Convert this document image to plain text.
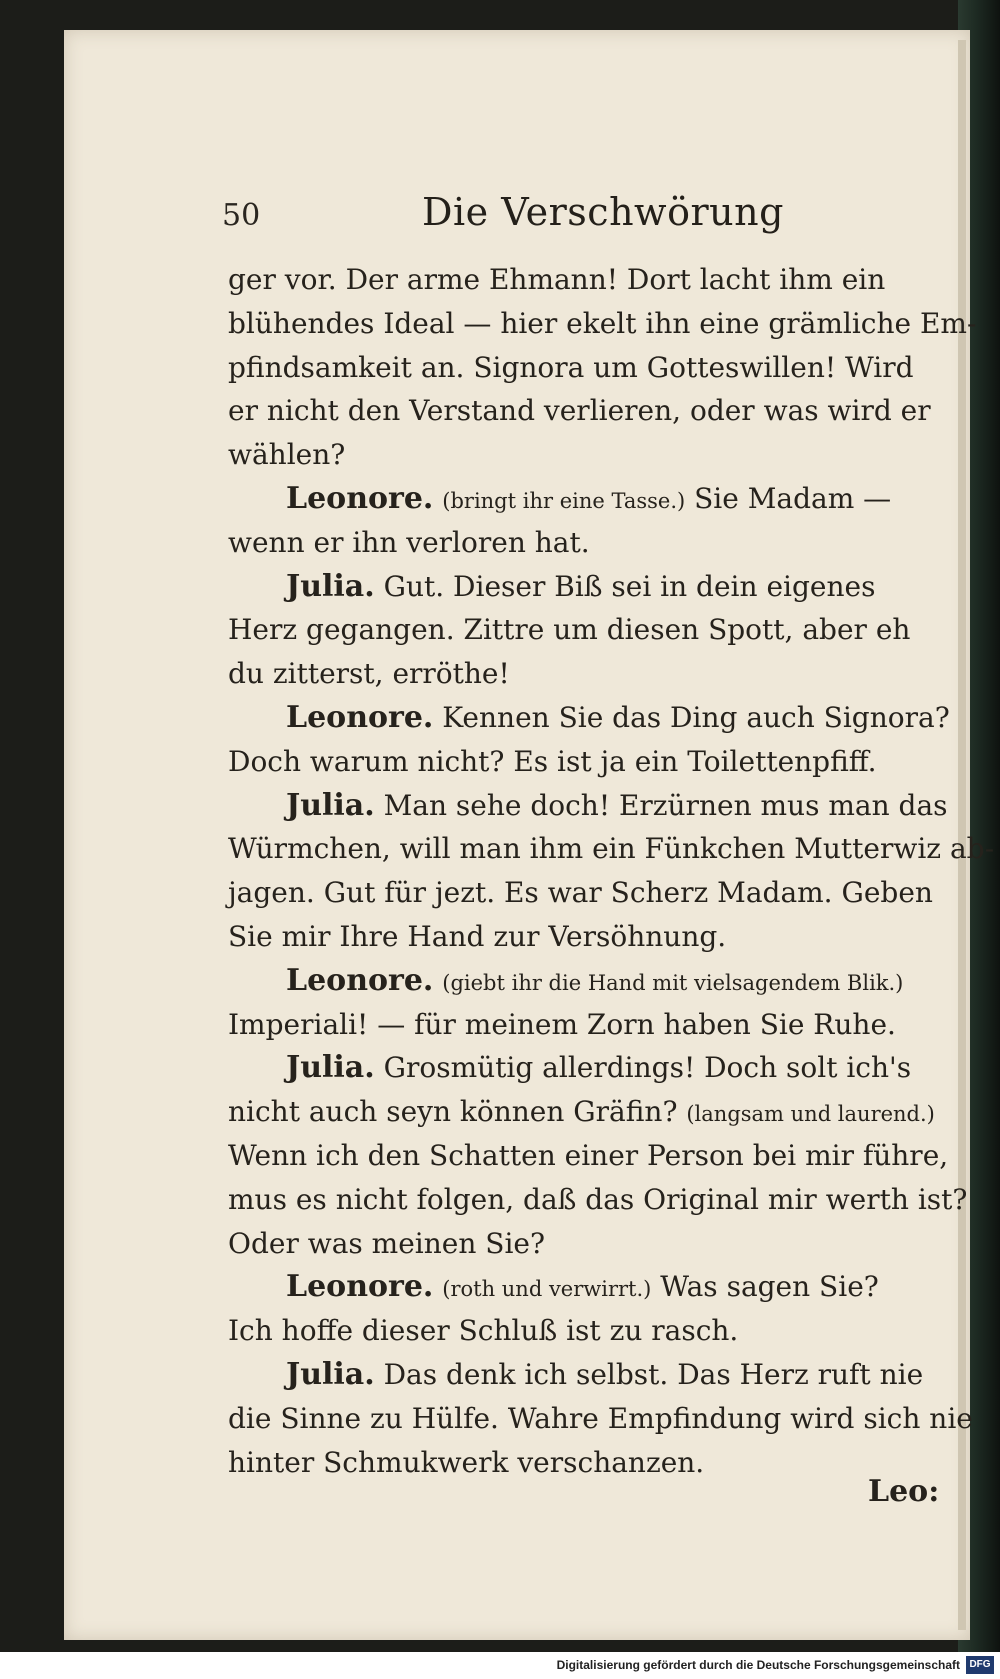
50	Die Verschwörung
ger vor. Der arme Ehmann! Dort lacht ihm ein
blühendes Ideal — hier ekelt ihn eine grämliche Em-
pfindsamkeit an. Signora um Gotteswillen! Wird
er nicht den Verstand verlieren, oder was wird er
wählen?
Leonore. (bringt ihr eine Tasse.) Sie Madam —
wenn er ihn verloren hat.
Julia. Gut. Dieser Biß sei in dein eigenes
Herz gegangen. Zittre um diesen Spott, aber eh
du zitterst, erröthe!
Leonore. Kennen Sie das Ding auch Signora?
Doch warum nicht? Es ist ja ein Toilettenpfiff.
Julia. Man sehe doch! Erzürnen mus man das
Würmchen, will man ihm ein Fünkchen Mutterwiz ab-
jagen. Gut für jezt. Es war Scherz Madam. Geben
Sie mir Ihre Hand zur Versöhnung.
Leonore. (giebt ihr die Hand mit vielsagendem Blik.)
Imperiali! — für meinem Zorn haben Sie Ruhe.
Julia. Grosmütig allerdings! Doch solt ich's
nicht auch seyn können Gräfin? (langsam und laurend.)
Wenn ich den Schatten einer Person bei mir führe,
mus es nicht folgen, daß das Original mir werth ist?
Oder was meinen Sie?
Leonore. (roth und verwirrt.) Was sagen Sie?
Ich hoffe dieser Schluß ist zu rasch.
Julia. Das denk ich selbst. Das Herz ruft nie
die Sinne zu Hülfe. Wahre Empfindung wird sich nie
hinter Schmukwerk verschanzen.
Leo:
Digitalisierung gefördert durch die Deutsche Forschungsgemeinschaft DFG
